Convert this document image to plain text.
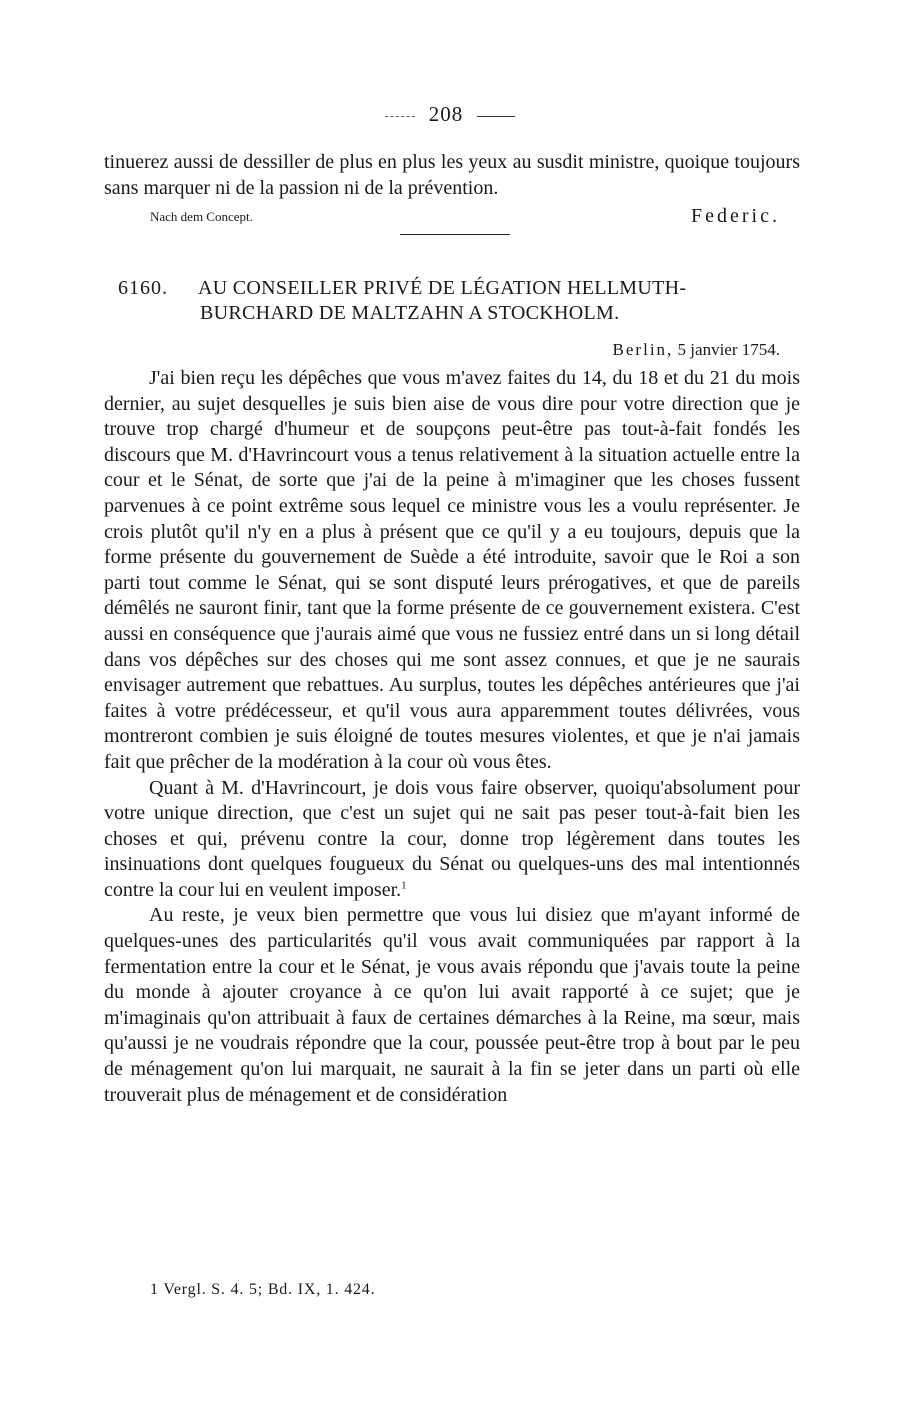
208

tinuerez aussi de dessiller de plus en plus les yeux au susdit ministre, quoique toujours sans marquer ni de la passion ni de la prévention.

Nach dem Concept.	Federic.
6160. AU CONSEILLER PRIVÉ DE LÉGATION HELLMUTH-
BURCHARD DE MALTZAHN A STOCKHOLM.
Berlin, 5 janvier 1754.

J'ai bien reçu les dépêches que vous m'avez faites du 14, du 18 et du 21 du mois dernier, au sujet desquelles je suis bien aise de vous dire pour votre direction que je trouve trop chargé d'humeur et de soupçons peut-être pas tout-à-fait fondés les discours que M. d'Havrincourt vous a tenus relativement à la situation actuelle entre la cour et le Sénat, de sorte que j'ai de la peine à m'imaginer que les choses fussent parvenues à ce point extrême sous lequel ce ministre vous les a voulu représenter. Je crois plutôt qu'il n'y en a plus à présent que ce qu'il y a eu toujours, depuis que la forme présente du gouvernement de Suède a été introduite, savoir que le Roi a son parti tout comme le Sénat, qui se sont disputé leurs prérogatives, et que de pareils démêlés ne sauront finir, tant que la forme présente de ce gouvernement existera. C'est aussi en conséquence que j'aurais aimé que vous ne fussiez entré dans un si long détail dans vos dépêches sur des choses qui me sont assez connues, et que je ne saurais envisager autrement que rebattues. Au surplus, toutes les dépêches antérieures que j'ai faites à votre prédécesseur, et qu'il vous aura apparemment toutes délivrées, vous montreront combien je suis éloigné de toutes mesures violentes, et que je n'ai jamais fait que prêcher de la modération à la cour où vous êtes.

Quant à M. d'Havrincourt, je dois vous faire observer, quoiqu'absolument pour votre unique direction, que c'est un sujet qui ne sait pas peser tout-à-fait bien les choses et qui, prévenu contre la cour, donne trop légèrement dans toutes les insinuations dont quelques fougueux du Sénat ou quelques-uns des mal intentionnés contre la cour lui en veulent imposer.$^1$

Au reste, je veux bien permettre que vous lui disiez que m'ayant informé de quelques-unes des particularités qu'il vous avait communiquées par rapport à la fermentation entre la cour et le Sénat, je vous avais répondu que j'avais toute la peine du monde à ajouter croyance à ce qu'on lui avait rapporté à ce sujet; que je m'imaginais qu'on attribuait à faux de certaines démarches à la Reine, ma sœur, mais qu'aussi je ne voudrais répondre que la cour, poussée peut-être trop à bout par le peu de ménagement qu'on lui marquait, ne saurait à la fin se jeter dans un parti où elle trouverait plus de ménagement et de considération

1 Vergl. S. 4. 5; Bd. IX, 1. 424.
